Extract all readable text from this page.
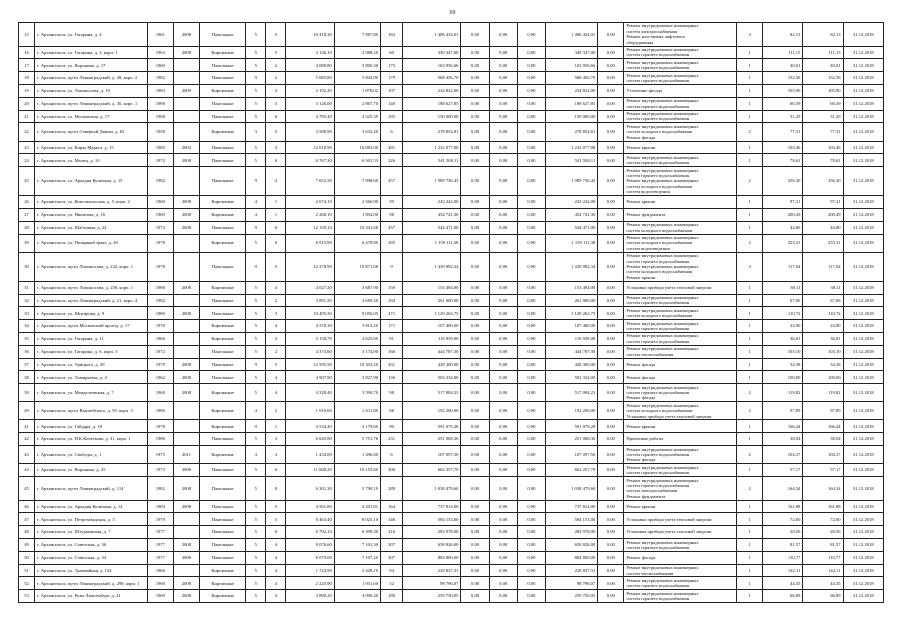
69
15	г. Архангельск, ул. Гагарина, д. 4	1961	2008	Панельные	5	5	10 418,30	7 887,80	182	1 486 434,01	0,00	0,00	0,00	1 486 434,01	0,00	Ремонт внутридомовых инженерных
систем электроснабжения
Ремонт или замена лифтового
оборудования	3	82,13	82,13	31.12.2018
16	г. Архангельск, ул. Гагарина, д. 2, корп. 1	1963	2008	Кирпичные	5	5	3 146,10	2 988,20	60	349 347,00	0,00	0,00	0,00	349 347,00	0,00	Ремонт внутридомовых инженерных
систем горячего водоснабжения	1	111,15	111,15	31.12.2018
17	г. Архангельск, ул. Воронина, д. 17	1960		Панельные	5	2	4 089,80	3 806,30	175	163 956,66	0,00	0,00	0,00	163 956,66	0,00	Ремонт внутридомовых инженерных
систем горячего водоснабжения	1	40,01	40,01	31.12.2018
18	г. Архангельск, пр-кт Ленинградский, д. 28, корп. 2	1982		Панельные	9	2	5 685,80	5 843,90	179	568 456,70	0,00	0,00	0,00	568 456,70	0,00	Ремонт внутридомовых инженерных
систем горячего водоснабжения	1	152,56	152,56	31.12.2018
19	г. Архангельск, ул. Ломоносова, д. 10	1983	2009	Кирпичные	5	3	2 192,20	1 876,02	107	234 822,00	0,00	0,00	0,00	234 822,00	0,00	Утепление фасада	1	105,90	105,90	31.12.2018
20	г. Архангельск, пр-кт Ленинградский, д. 30, корп. 1	1988		Панельные	5	3	3 126,00	2 867,70	140	188 627,85	0,00	0,00	0,00	188 627,85	0,00	Ремонт внутридомовых инженерных
систем горячего водоснабжения	1	60,39	60,39	31.12.2018
21	г. Архангельск, ул. Московская, д. 17	1968		Панельные	5	6	4 785,40	4 325,39	185	150 000,00	0,00	0,00	0,00	150 000,00	0,00	Ремонт внутридомовых инженерных
систем горячего водоснабжения	1	31,29	31,29	31.12.2018
22	г. Архангельск, пр-кт Северной Двины, д. 65	1958		Кирпичные	3	5	3 588,90	3 632,20	6	278 854,81	0,00	0,00	0,00	278 854,81	0,00	Ремонт внутридомовых инженерных
систем холодного водоснабжения
Ремонт фасада	2	77,31	77,31	31.12.2018
23	г. Архангельск, ул. Карла Маркса, д. 15	1985	2002	Панельные	5	3	12 010,90	10 083,00	481	1 232 077,00	0,00	0,00	0,00	1 232 077,00	0,00	Ремонт крыши	1	103,46	103,46	31.12.2018
24	г. Архангельск, ул. Малиц, д. 10	1972	2008	Панельные	5	6	6 767,30	6 501,53	326	541 508,11	0,00	0,00	0,00	541 508,11	0,00	Ремонт внутридомовых инженерных
систем горячего водоснабжения	1	78,61	78,61	31.12.2018
25	г. Архангельск, ул. Аркадия Купитяна, д. 15	1982		Панельные	9	4	7 652,50	7 098,60	457	1 989 736,43	0,00	0,00	0,00	1 989 736,43	0,00	Ремонт внутридомовых инженерных
систем горячего водоснабжения
Ремонт внутридомовых инженерных
систем холодного водоснабжения
систем водоотведения	2	256,30	256,30	31.12.2018
26	г. Архангельск, ул. Комсомольская, д. 5, корп. 2	1960	2008	Кирпичные	4	1	2 674,10	2 566,90	39	243 242,00	0,00	0,00	0,00	243 242,00	0,00	Ремонт крыши	1	97,21	97,21	31.12.2018
27	г. Архангельск, ул. Никитова, д. 16	1969	2008	Кирпичные	4	1	2 268,10	1 894,00	98	454 741,30	0,00	0,00	0,00	454 741,30	0,00	Ремонт фундамента	1	200,49	200,49	31.12.2018
28	г. Архангельск, ул. Шабалина, д. 22	1973	2008	Панельные	9	6	12 159,10	10 341,68	457	544 471,00	0,00	0,00	0,00	544 471,00	0,00	Ремонт внутридомовых инженерных
систем холодного водоснабжения	1	44,80	44,80	31.12.2018
29	г. Архангельск, ул. Полярный тракт, д. 26	1978		Кирпичные	5	6	6 915,90	6 478,80	285	1 159 111,38	0,00	0,00	0,00	1 159 111,38	0,00	Ремонт внутридомовых инженерных
систем холодного водоснабжения
систем водоотведения	2	253,31	253,31	31.12.2018
30	г. Архангельск, пр-кт Ломоносова, д. 232, корп. 1	1978		Панельные	9	5	12 278,90	10 871,68	9	1 430 992,34	0,00	0,00	0,00	1 430 992,34	0,00	Ремонт внутридомовых инженерных
систем горячего водоснабжения
Ремонт внутридомовых инженерных
систем холодного водоснабжения
Ремонт крыши	3	117,04	117,04	31.12.2018
31	г. Архангельск, пр-кт Ломоносова, д. 258, корп. 1	1986	2008	Кирпичные	5	4	4 027,20	3 687,90	150	153 494,00	0,00	0,00	0,00	153 494,00	0,00	Установка прибора учета тепловой энергии	1	38,11	38,11	31.12.2018
32	г. Архангельск, пр-кт Ленинградский, д. 21, корп. 4	1982		Панельные	5	2	3 891,20	3 689,20	184	261 000,00	0,00	0,00	0,00	261 000,00	0,00	Ремонт внутридомовых инженерных
систем горячего водоснабжения	1	67,06	67,06	31.12.2018
33	г. Архангельск, ул. Шитирова, д. 9	1980	2008	Панельные	5	3	10 495,30	9 056,05	471	1 129 263,75	0,00	0,00	0,00	1 129 263,75	0,00	Ремонт внутридомовых инженерных
систем холодного водоснабжения	1	110,72	110,72	31.12.2018
34	г. Архангельск, пр-кт Московский проезд, д. 17	1970		Кирпичные	5	4	4 378,30	3 813,20	171	107 400,00	0,00	0,00	0,00	107 400,00	0,00	Ремонт внутридомовых инженерных
систем горячего водоснабжения	1	24,90	24,90	31.12.2018
35	г. Архангельск, ул. Гагарина, д. 11	1966		Кирпичные	5	3	3 158,70	2 625,60	91	116 939,00	0,00	0,00	0,00	116 939,00	0,00	Ремонт внутридомовых инженерных
систем горячего водоснабжения	1	36,81	36,81	31.12.2018
36	г. Архангельск, ул. Гагарина, д. 6, корп. 5	1972		Панельные	5	2	4 373,60	3 174,80	166	444 787,30	0,00	0,00	0,00	444 787,30	0,00	Ремонт внутридомовых инженерных
систем теплоснабжения	1	103,10	103,10	31.12.2018
37	г. Архангельск, ул. Урицкого, д. 49	1979	2008	Панельные	9	5	12 595,50	10 303,20	431	428 300,00	0,00	0,00	0,00	428 300,00	0,00	Ремонт фасада	1	34,38	34,38	31.12.2018
38	г. Архангельск, ул. Тимирязева, д. 4	1962	2008	Панельные	5	4	4 907,90	3 827,90	136	503 334,00	0,00	0,00	0,00	503 334,00	0,00	Ремонт фасада	1	100,00	100,00	31.12.2018
39	г. Архангельск, ул. Менделеевская, д. 7	1968	2008	Кирпичные	5	4	4 328,40	3 590,70	98	517 084,23	0,00	0,00	0,00	517 084,23	0,00	Ремонт внутридомовых инженерных
систем горячего водоснабжения
Ремонт фасада	2	119,82	119,82	31.12.2018
40	г. Архангельск, пр-кт Выучейского, д. 59, корп. 3	1986		Кирпичные	4	2	1 910,60	1 611,80	68	192 200,00	0,00	0,00	0,00	192 200,00	0,00	Ремонт внутридомовых инженерных
систем холодного водоснабжения
Установка прибора учета тепловой энергии	2	97,89	97,89	31.12.2018
41	г. Архангельск, ул. Гайдара, д. 18	1978		Кирпичные	9	1	3 534,40	3 179,60	90	591 079,28	0,00	0,00	0,00	591 079,28	0,00	Ремонт крыши	1	166,44	166,44	31.12.2018
42	г. Архангельск, ул. Н.К.Кочеткова, д. 31, корп. 1	1986		Панельные	5	3	6 645,80	5 751,76	231	251 068,36	0,00	0,00	0,00	251 068,36	0,00	Проектные работы	1	38,04	38,04	31.12.2018
43	г. Архангельск, ул. Свободы, д. 1	1975	2011	Кирпичные	4	3	1 434,00	1 496,60	6	107 097,50	0,00	0,00	0,00	107 097,50	0,00	Ремонт внутридомовых инженерных
систем горячего водоснабжения
Ремонт фасада	2	104,37	104,37	31.12.2018
44	г. Архангельск, ул. Воронина, д. 25	1973	2008	Панельные	5	6	11 600,20	10 155,60	306	662 257,79	0,00	0,00	0,00	662 257,79	0,00	Ремонт внутридомовых инженерных
систем горячего водоснабжения	1	57,17	57,17	31.12.2018
45	г. Архангельск, пр-кт Ленинградский, д. 114	1982	2008	Панельные	5	8	6 301,30	5 790,19	289	1 038 479,60	0,00	0,00	0,00	1 038 479,60	0,00	Ремонт внутридомовых инженерных
систем горячего водоснабжения
систем электроснабжения
Ремонт фундамента	2	164,34	164,34	31.12.2018
46	г. Архангельск, ул. Аркадия Купитяна, д. 14	1984	2008	Панельные	5	5	4 561,80	4 201,81	164	737 814,00	0,00	0,00	0,00	737 814,00	0,00	Ремонт крыши	1	161,88	161,88	31.12.2018
47	г. Архангельск, ул. Петрозаводская, д. 5	1979		Панельные	5	5	8 463,40	8 025,10	346	584 153,00	0,00	0,00	0,00	584 153,00	0,00	Установка прибора учета тепловой энергии	1	72,60	72,60	31.12.2018
48	г. Архангельск, ул. Штурманская, д. 7	1977		Панельные	5	6	6 792,10	6 399,30	216	283 978,00	0,00	0,00	0,00	283 978,00	0,00	Установка прибора учета тепловой энергии	1	28,56	28,56	31.12.2018
49	г. Архангельск, ул. Советская, д. 36	1977	2008	Панельные	5	4	8 076,60	7 101,30	307	658 826,00	0,00	0,00	0,00	658 826,00	0,00	Ремонт внутридомовых инженерных
систем горячего водоснабжения	1	81,57	81,57	31.12.2018
50	г. Архангельск, ул. Советская, д. 34	1977	2008	Панельные	5	4	8 079,00	7 107,20	307	884 800,00	0,00	0,00	0,00	884 800,00	0,00	Ремонт фасада	1	110,77	110,77	31.12.2018
51	г. Архангельск, ул. Трамвайная, д. 134	1966		Кирпичные	5	4	1 724,90	3 428,10	94	229 837,31	0,00	0,00	0,00	229 837,31	0,00	Ремонт внутридомовых инженерных
систем теплоснабжения	1	142,11	142,11	31.12.2018
52	г. Архангельск, пр-кт Ленинградский, д. 298, корп. 1	1960	2008	Кирпичные	5	4	2 225,90	1 931,60	52	98 796,07	0,00	0,00	0,00	98 796,07	0,00	Ремонт внутридомовых инженерных
систем горячего водоснабжения	1	44,35	44,35	31.12.2018
53	г. Архангельск, ул. Розы Люксембург, д. 21	1960	2008	Кирпичные	5	4	3 890,20	4 096,40	180	259 750,05	0,00	0,00	0,00	259 750,05	0,00	Ремонт внутридомовых инженерных
систем горячего водоснабжения	1	66,89	66,89	31.12.2018
